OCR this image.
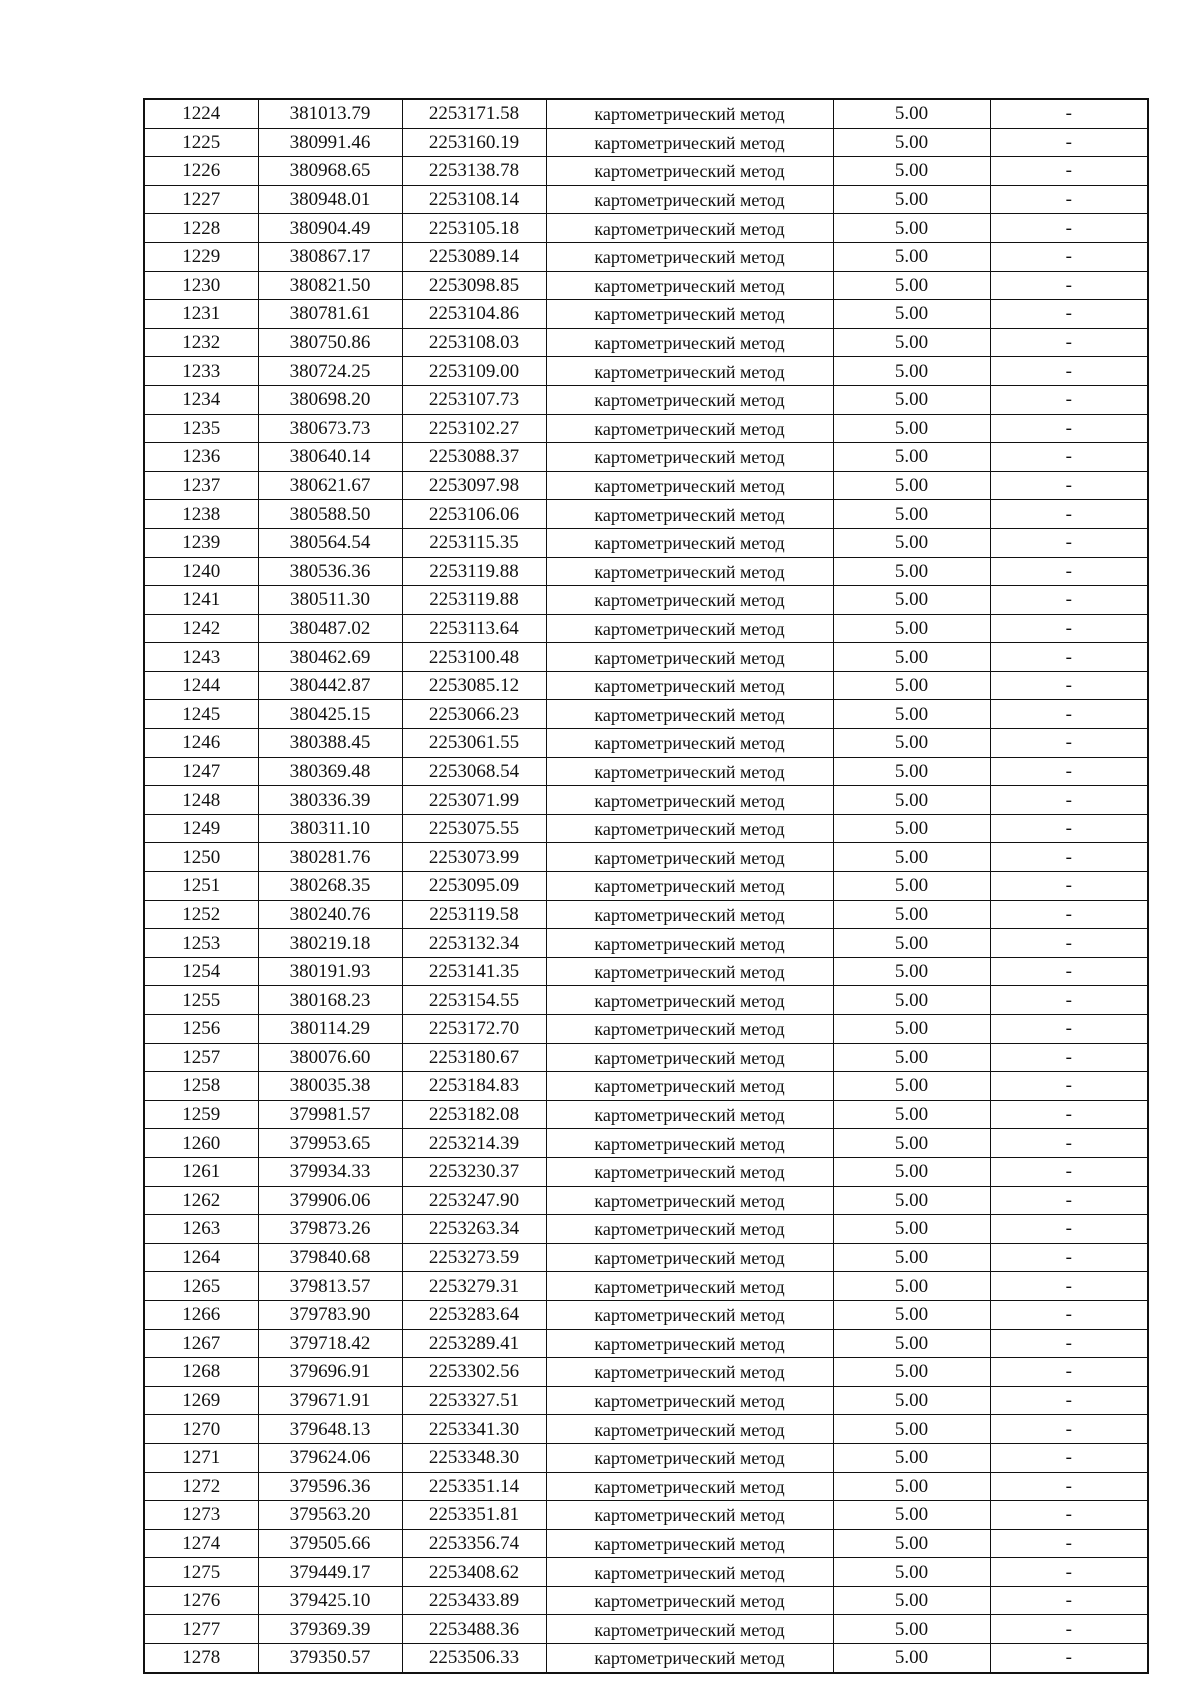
1224	381013.79	2253171.58	картометрический метод	5.00	-
1225	380991.46	2253160.19	картометрический метод	5.00	-
1226	380968.65	2253138.78	картометрический метод	5.00	-
1227	380948.01	2253108.14	картометрический метод	5.00	-
1228	380904.49	2253105.18	картометрический метод	5.00	-
1229	380867.17	2253089.14	картометрический метод	5.00	-
1230	380821.50	2253098.85	картометрический метод	5.00	-
1231	380781.61	2253104.86	картометрический метод	5.00	-
1232	380750.86	2253108.03	картометрический метод	5.00	-
1233	380724.25	2253109.00	картометрический метод	5.00	-
1234	380698.20	2253107.73	картометрический метод	5.00	-
1235	380673.73	2253102.27	картометрический метод	5.00	-
1236	380640.14	2253088.37	картометрический метод	5.00	-
1237	380621.67	2253097.98	картометрический метод	5.00	-
1238	380588.50	2253106.06	картометрический метод	5.00	-
1239	380564.54	2253115.35	картометрический метод	5.00	-
1240	380536.36	2253119.88	картометрический метод	5.00	-
1241	380511.30	2253119.88	картометрический метод	5.00	-
1242	380487.02	2253113.64	картометрический метод	5.00	-
1243	380462.69	2253100.48	картометрический метод	5.00	-
1244	380442.87	2253085.12	картометрический метод	5.00	-
1245	380425.15	2253066.23	картометрический метод	5.00	-
1246	380388.45	2253061.55	картометрический метод	5.00	-
1247	380369.48	2253068.54	картометрический метод	5.00	-
1248	380336.39	2253071.99	картометрический метод	5.00	-
1249	380311.10	2253075.55	картометрический метод	5.00	-
1250	380281.76	2253073.99	картометрический метод	5.00	-
1251	380268.35	2253095.09	картометрический метод	5.00	-
1252	380240.76	2253119.58	картометрический метод	5.00	-
1253	380219.18	2253132.34	картометрический метод	5.00	-
1254	380191.93	2253141.35	картометрический метод	5.00	-
1255	380168.23	2253154.55	картометрический метод	5.00	-
1256	380114.29	2253172.70	картометрический метод	5.00	-
1257	380076.60	2253180.67	картометрический метод	5.00	-
1258	380035.38	2253184.83	картометрический метод	5.00	-
1259	379981.57	2253182.08	картометрический метод	5.00	-
1260	379953.65	2253214.39	картометрический метод	5.00	-
1261	379934.33	2253230.37	картометрический метод	5.00	-
1262	379906.06	2253247.90	картометрический метод	5.00	-
1263	379873.26	2253263.34	картометрический метод	5.00	-
1264	379840.68	2253273.59	картометрический метод	5.00	-
1265	379813.57	2253279.31	картометрический метод	5.00	-
1266	379783.90	2253283.64	картометрический метод	5.00	-
1267	379718.42	2253289.41	картометрический метод	5.00	-
1268	379696.91	2253302.56	картометрический метод	5.00	-
1269	379671.91	2253327.51	картометрический метод	5.00	-
1270	379648.13	2253341.30	картометрический метод	5.00	-
1271	379624.06	2253348.30	картометрический метод	5.00	-
1272	379596.36	2253351.14	картометрический метод	5.00	-
1273	379563.20	2253351.81	картометрический метод	5.00	-
1274	379505.66	2253356.74	картометрический метод	5.00	-
1275	379449.17	2253408.62	картометрический метод	5.00	-
1276	379425.10	2253433.89	картометрический метод	5.00	-
1277	379369.39	2253488.36	картометрический метод	5.00	-
1278	379350.57	2253506.33	картометрический метод	5.00	-
